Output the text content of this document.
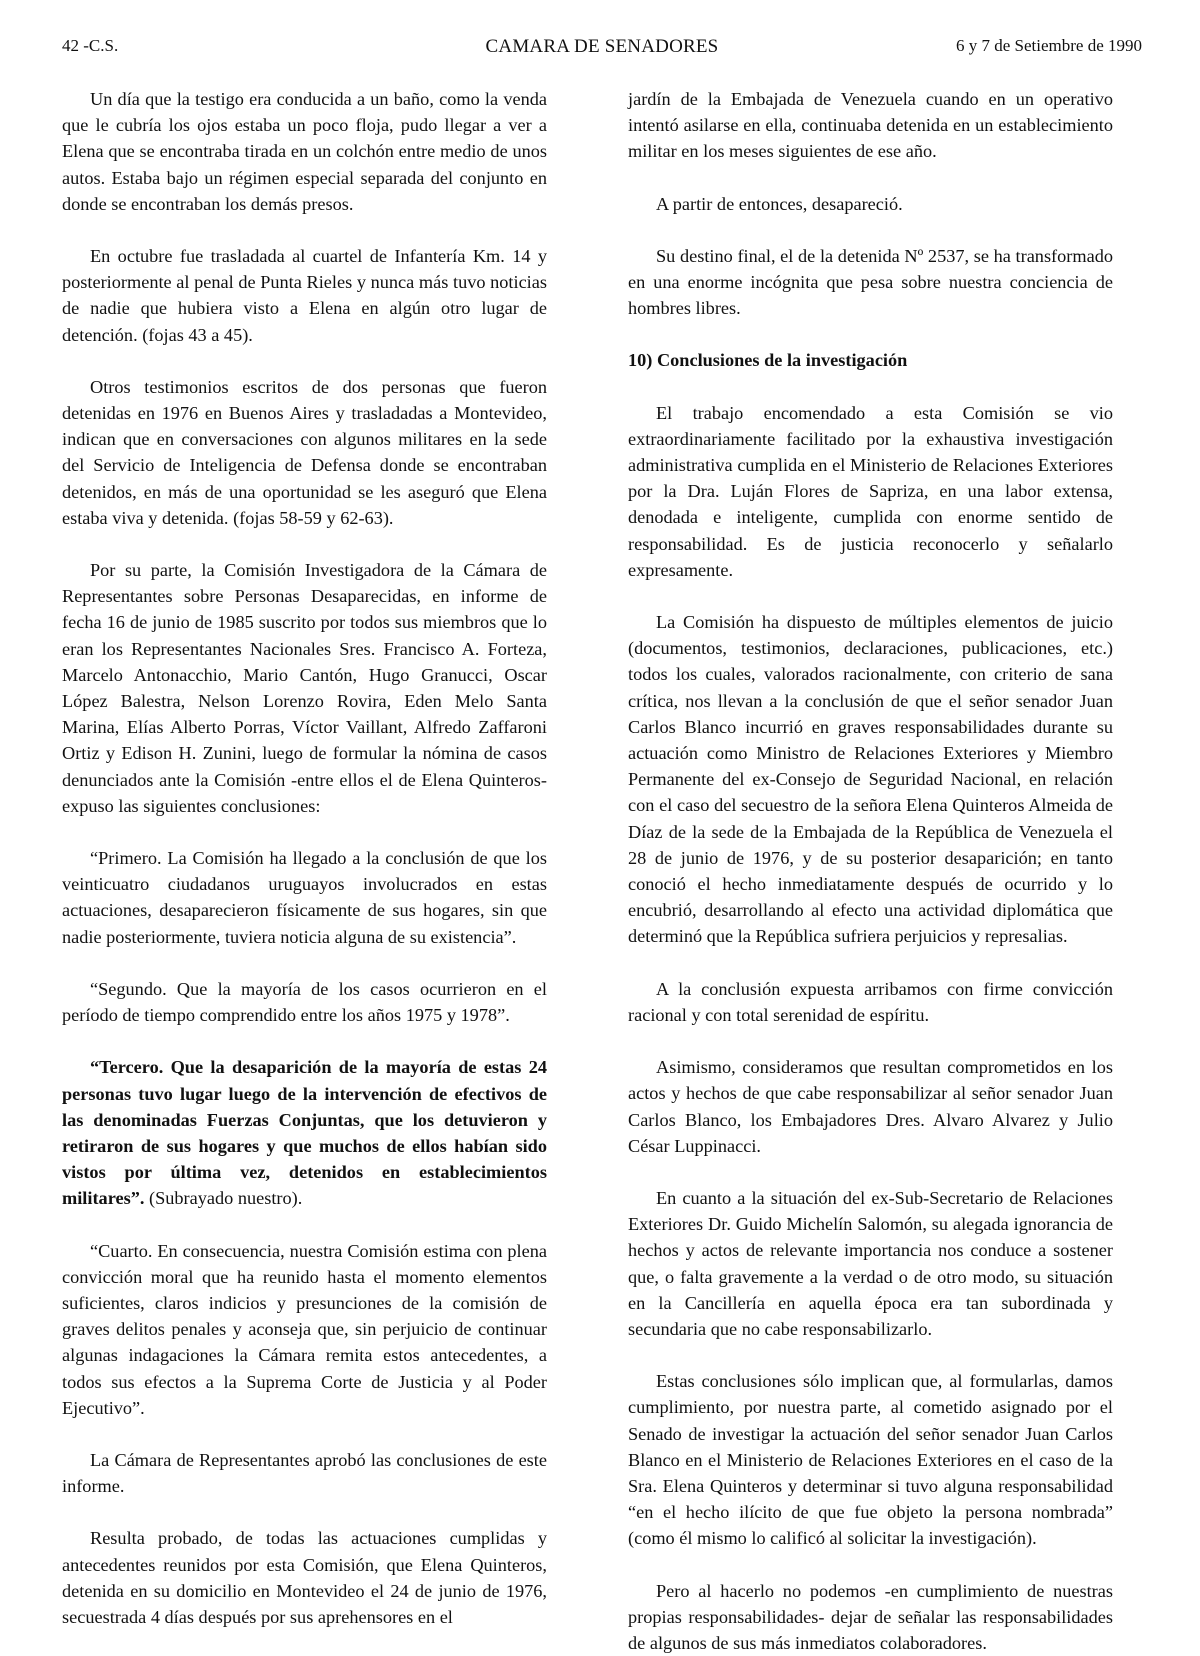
42 -C.S.	CAMARA DE SENADORES	6 y 7 de Setiembre de 1990

Un día que la testigo era conducida a un baño, como la venda que le cubría los ojos estaba un poco floja, pudo llegar a ver a Elena que se encontraba tirada en un colchón entre medio de unos autos. Estaba bajo un régimen especial separada del conjunto en donde se encontraban los demás presos.

En octubre fue trasladada al cuartel de Infantería Km. 14 y posteriormente al penal de Punta Rieles y nunca más tuvo noticias de nadie que hubiera visto a Elena en algún otro lugar de detención. (fojas 43 a 45).

Otros testimonios escritos de dos personas que fueron detenidas en 1976 en Buenos Aires y trasladadas a Montevideo, indican que en conversaciones con algunos militares en la sede del Servicio de Inteligencia de Defensa donde se encontraban detenidos, en más de una oportunidad se les aseguró que Elena estaba viva y detenida. (fojas 58-59 y 62-63).

Por su parte, la Comisión Investigadora de la Cámara de Representantes sobre Personas Desaparecidas, en informe de fecha 16 de junio de 1985 suscrito por todos sus miembros que lo eran los Representantes Nacionales Sres. Francisco A. Forteza, Marcelo Antonacchio, Mario Cantón, Hugo Granucci, Oscar López Balestra, Nelson Lorenzo Rovira, Eden Melo Santa Marina, Elías Alberto Porras, Víctor Vaillant, Alfredo Zaffaroni Ortiz y Edison H. Zunini, luego de formular la nómina de casos denunciados ante la Comisión -entre ellos el de Elena Quinteros- expuso las siguientes conclusiones:

“Primero. La Comisión ha llegado a la conclusión de que los veinticuatro ciudadanos uruguayos involucrados en estas actuaciones, desaparecieron físicamente de sus hogares, sin que nadie posteriormente, tuviera noticia alguna de su existencia”.

“Segundo. Que la mayoría de los casos ocurrieron en el período de tiempo comprendido entre los años 1975 y 1978”.

“Tercero. Que la desaparición de la mayoría de estas 24 personas tuvo lugar luego de la intervención de efectivos de las denominadas Fuerzas Conjuntas, que los detuvieron y retiraron de sus hogares y que muchos de ellos habían sido vistos por última vez, detenidos en establecimientos militares”. (Subrayado nuestro).

“Cuarto. En consecuencia, nuestra Comisión estima con plena convicción moral que ha reunido hasta el momento elementos suficientes, claros indicios y presunciones de la comisión de graves delitos penales y aconseja que, sin perjuicio de continuar algunas indagaciones la Cámara remita estos antecedentes, a todos sus efectos a la Suprema Corte de Justicia y al Poder Ejecutivo”.

La Cámara de Representantes aprobó las conclusiones de este informe.

Resulta probado, de todas las actuaciones cumplidas y antecedentes reunidos por esta Comisión, que Elena Quinteros, detenida en su domicilio en Montevideo el 24 de junio de 1976, secuestrada 4 días después por sus aprehensores en el

jardín de la Embajada de Venezuela cuando en un operativo intentó asilarse en ella, continuaba detenida en un establecimiento militar en los meses siguientes de ese año.

A partir de entonces, desapareció.

Su destino final, el de la detenida Nº 2537, se ha transformado en una enorme incógnita que pesa sobre nuestra conciencia de hombres libres.

10) Conclusiones de la investigación

El trabajo encomendado a esta Comisión se vio extraordinariamente facilitado por la exhaustiva investigación administrativa cumplida en el Ministerio de Relaciones Exteriores por la Dra. Luján Flores de Sapriza, en una labor extensa, denodada e inteligente, cumplida con enorme sentido de responsabilidad. Es de justicia reconocerlo y señalarlo expresamente.

La Comisión ha dispuesto de múltiples elementos de juicio (documentos, testimonios, declaraciones, publicaciones, etc.) todos los cuales, valorados racionalmente, con criterio de sana crítica, nos llevan a la conclusión de que el señor senador Juan Carlos Blanco incurrió en graves responsabilidades durante su actuación como Ministro de Relaciones Exteriores y Miembro Permanente del ex-Consejo de Seguridad Nacional, en relación con el caso del secuestro de la señora Elena Quinteros Almeida de Díaz de la sede de la Embajada de la República de Venezuela el 28 de junio de 1976, y de su posterior desaparición; en tanto conoció el hecho inmediatamente después de ocurrido y lo encubrió, desarrollando al efecto una actividad diplomática que determinó que la República sufriera perjuicios y represalias.

A la conclusión expuesta arribamos con firme convicción racional y con total serenidad de espíritu.

Asimismo, consideramos que resultan comprometidos en los actos y hechos de que cabe responsabilizar al señor senador Juan Carlos Blanco, los Embajadores Dres. Alvaro Alvarez y Julio César Luppinacci.

En cuanto a la situación del ex-Sub-Secretario de Relaciones Exteriores Dr. Guido Michelín Salomón, su alegada ignorancia de hechos y actos de relevante importancia nos conduce a sostener que, o falta gravemente a la verdad o de otro modo, su situación en la Cancillería en aquella época era tan subordinada y secundaria que no cabe responsabilizarlo.

Estas conclusiones sólo implican que, al formularlas, damos cumplimiento, por nuestra parte, al cometido asignado por el Senado de investigar la actuación del señor senador Juan Carlos Blanco en el Ministerio de Relaciones Exteriores en el caso de la Sra. Elena Quinteros y determinar si tuvo alguna responsabilidad “en el hecho ilícito de que fue objeto la persona nombrada” (como él mismo lo calificó al solicitar la investigación).

Pero al hacerlo no podemos -en cumplimiento de nuestras propias responsabilidades- dejar de señalar las responsabilidades de algunos de sus más inmediatos colaboradores.
